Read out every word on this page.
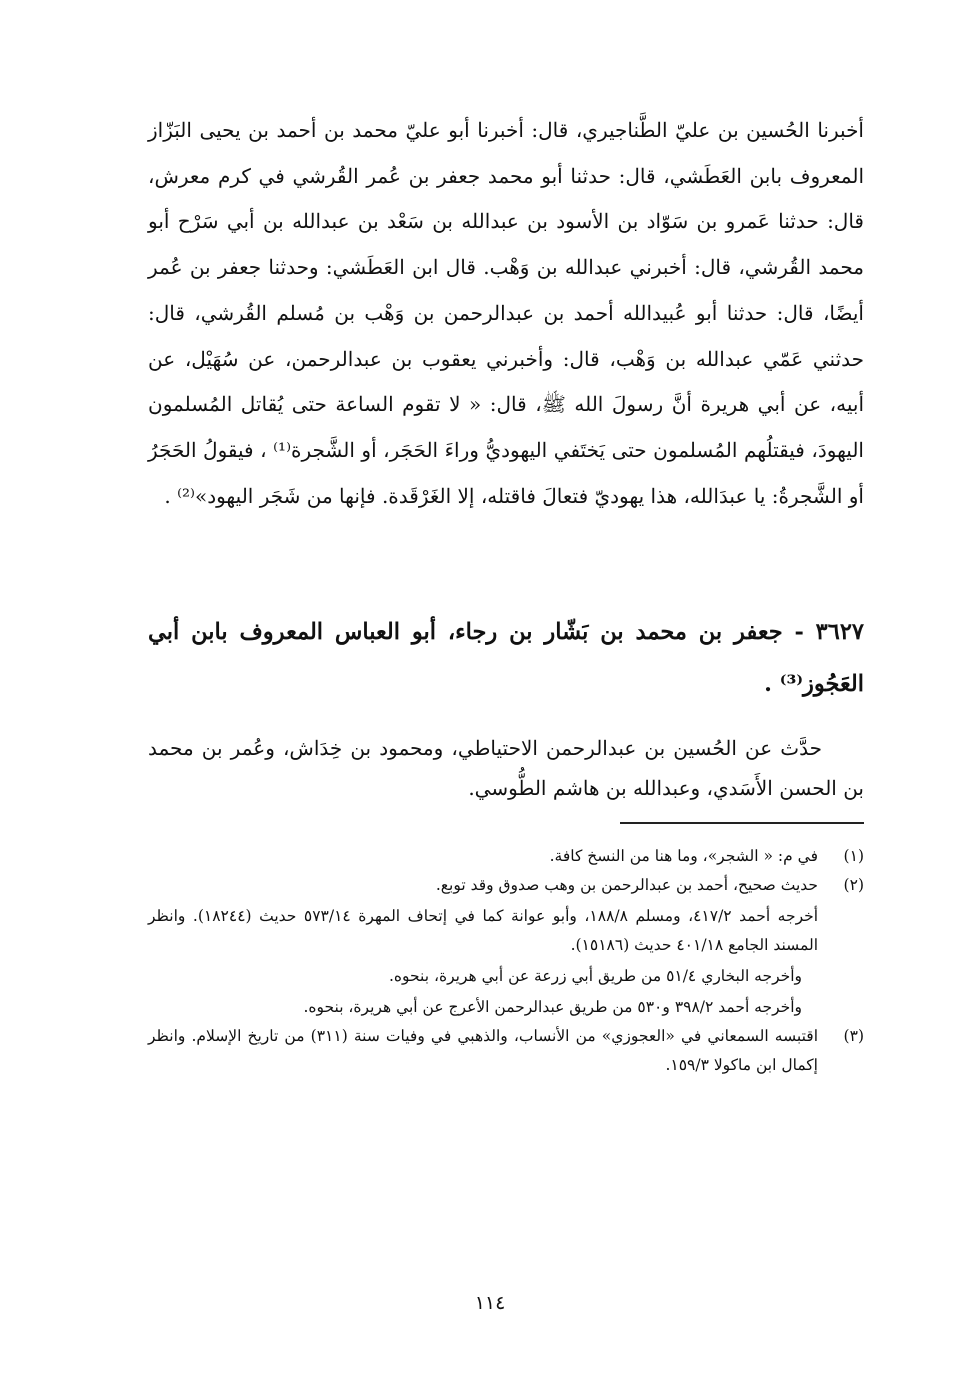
أخبرنا الحُسين بن عليّ الطَّناجيري، قال: أخبرنا أبو عليّ محمد بن أحمد بن يحيى البَزّاز المعروف بابن العَطَشي، قال: حدثنا أبو محمد جعفر بن عُمر القُرشي في كرم معرش، قال: حدثنا عَمرو بن سَوّاد بن الأسود بن عبدالله بن سَعْد بن عبدالله بن أبي سَرْح أبو محمد القُرشي، قال: أخبرني عبدالله بن وَهْب. قال ابن العَطَشي: وحدثنا جعفر بن عُمر أيضًا، قال: حدثنا أبو عُبيدالله أحمد بن عبدالرحمن بن وَهْب بن مُسلم القُرشي، قال: حدثني عَمّي عبدالله بن وَهْب، قال: وأخبرني يعقوب بن عبدالرحمن، عن سُهَيْل، عن أبيه، عن أبي هريرة أنَّ رسولَ الله ﷺ، قال: « لا تقوم الساعة حتى يُقاتل المُسلمون اليهودَ، فيقتلُهم المُسلمون حتى يَختَفي اليهوديُّ وراءَ الحَجَر، أو الشَّجرة⁽¹⁾ ، فيقولُ الحَجَرُ أو الشَّجرةُ: يا عبدَالله، هذا يهوديّ فتعالَ فاقتله، إلا الغَرْقَدة. فإنها من شَجَر اليهود»⁽²⁾ .

٣٦٢٧ - جعفر بن محمد بن بَشّار بن رجاء، أبو العباس المعروف بابن أبي العَجُوز⁽³⁾ .
حدَّث عن الحُسين بن عبدالرحمن الاحتياطي، ومحمود بن خِدَاش، وعُمر بن محمد بن الحسن الأَسَدي، وعبدالله بن هاشم الطُّوسي.
(١)
في م: « الشجر»، وما هنا من النسخ كافة.
(٢)
حديث صحيح، أحمد بن عبدالرحمن بن وهب صدوق وقد توبع.
أخرجه أحمد ٤١٧/٢، ومسلم ١٨٨/٨، وأبو عوانة كما في إتحاف المهرة ٥٧٣/١٤ حديث (١٨٢٤٤). وانظر المسند الجامع ٤٠١/١٨ حديث (١٥١٨٦).
وأخرجه البخاري ٥١/٤ من طريق أبي زرعة عن أبي هريرة، بنحوه.
وأخرجه أحمد ٣٩٨/٢ و٥٣٠ من طريق عبدالرحمن الأعرج عن أبي هريرة، بنحوه.
(٣)
اقتبسه السمعاني في «العجوزي» من الأنساب، والذهبي في وفيات سنة (٣١١) من تاريخ الإسلام. وانظر إكمال ابن ماكولا ١٥٩/٣.
١١٤
